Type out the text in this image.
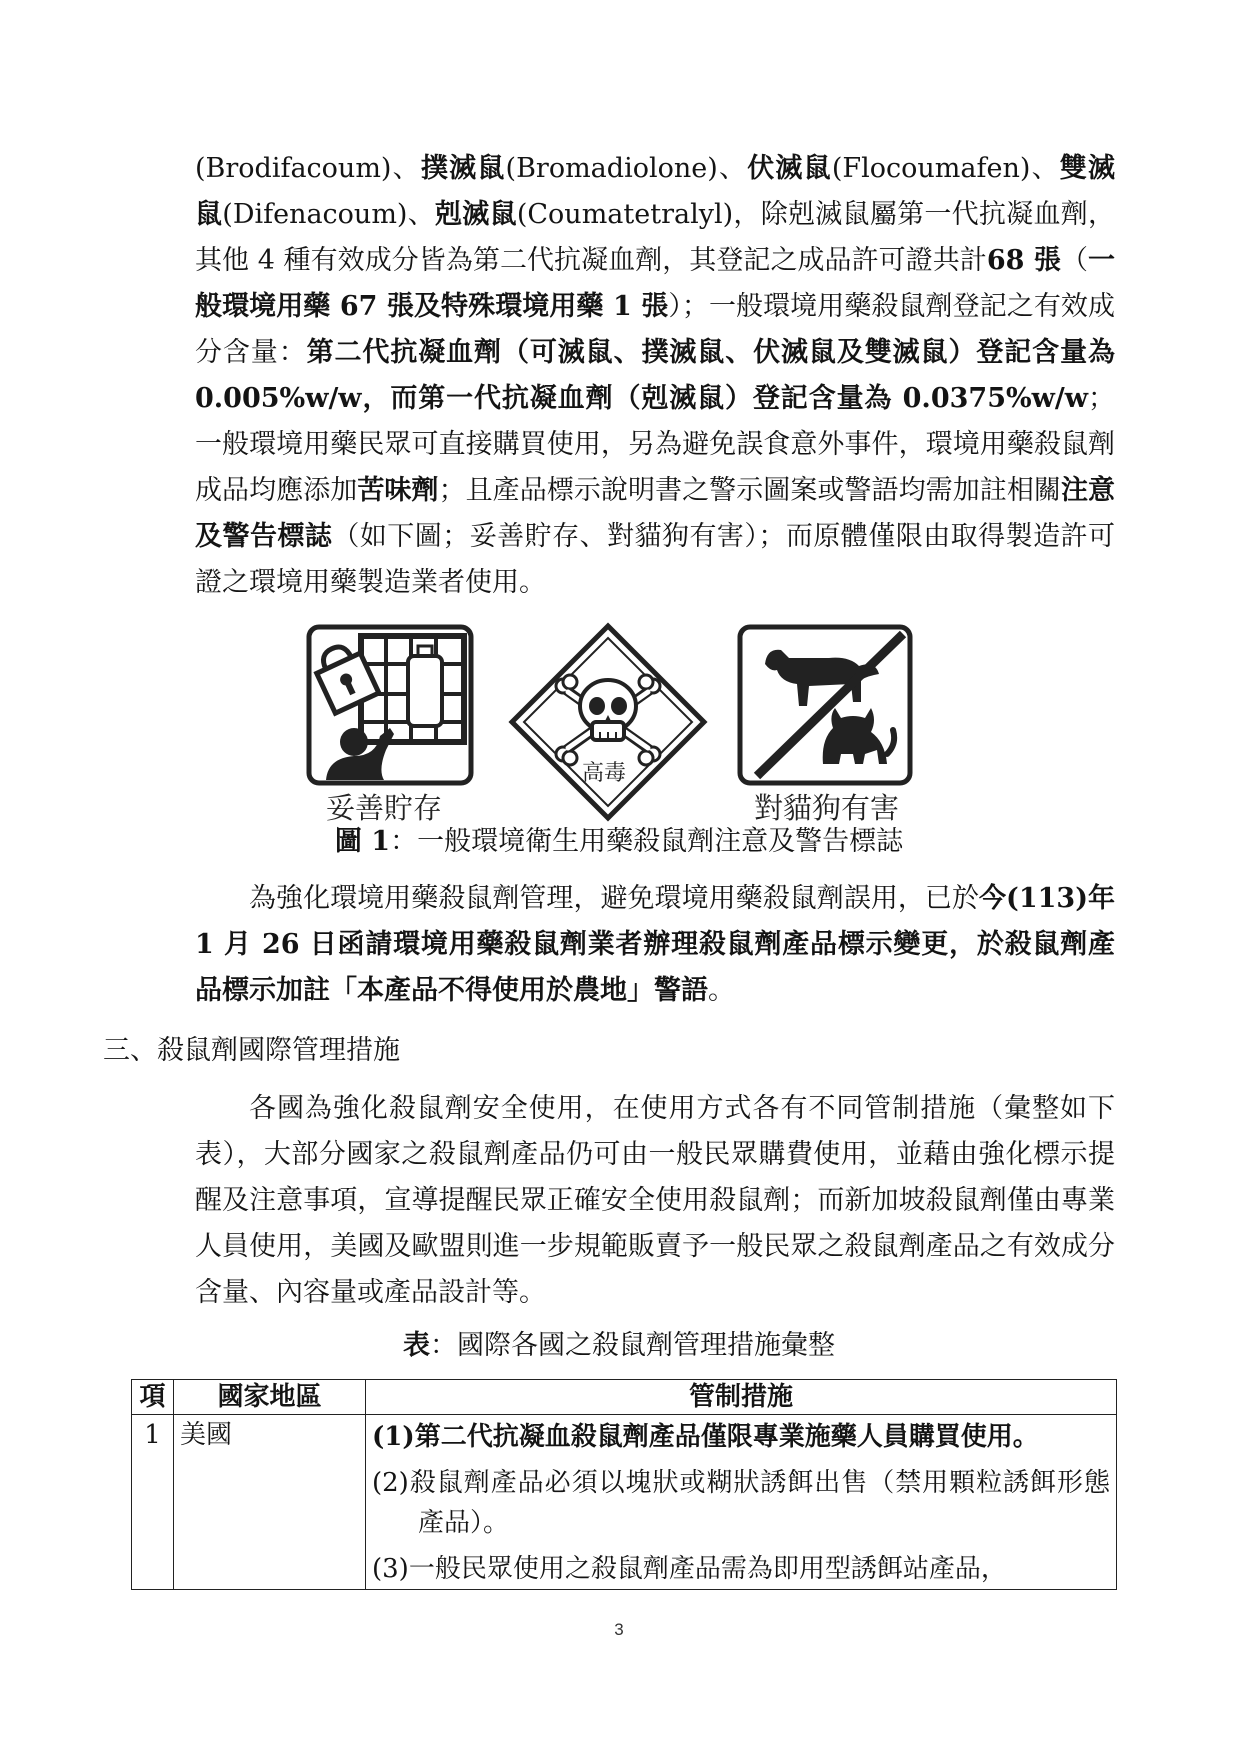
(Brodifacoum)、撲滅鼠(Bromadiolone)、伏滅鼠(Flocoumafen)、雙滅鼠(Difenacoum)、剋滅鼠(Coumatetralyl)，除剋滅鼠屬第一代抗凝血劑，其他 4 種有效成分皆為第二代抗凝血劑，其登記之成品許可證共計68 張（一般環境用藥 67 張及特殊環境用藥 1 張）；一般環境用藥殺鼠劑登記之有效成分含量：第二代抗凝血劑（可滅鼠、撲滅鼠、伏滅鼠及雙滅鼠）登記含量為 0.005%w/w，而第一代抗凝血劑（剋滅鼠）登記含量為 0.0375%w/w；一般環境用藥民眾可直接購買使用，另為避免誤食意外事件，環境用藥殺鼠劑成品均應添加苦味劑；且產品標示說明書之警示圖案或警語均需加註相關注意及警告標誌（如下圖；妥善貯存、對貓狗有害）；而原體僅限由取得製造許可證之環境用藥製造業者使用。
妥善貯存
高毒
對貓狗有害
圖 1：一般環境衛生用藥殺鼠劑注意及警告標誌
為強化環境用藥殺鼠劑管理，避免環境用藥殺鼠劑誤用，已於今(113)年 1 月 26 日函請環境用藥殺鼠劑業者辦理殺鼠劑產品標示變更，於殺鼠劑產品標示加註「本產品不得使用於農地」警語。
三、殺鼠劑國際管理措施
各國為強化殺鼠劑安全使用，在使用方式各有不同管制措施（彙整如下表），大部分國家之殺鼠劑產品仍可由一般民眾購費使用，並藉由強化標示提醒及注意事項，宣導提醒民眾正確安全使用殺鼠劑；而新加坡殺鼠劑僅由專業人員使用，美國及歐盟則進一步規範販賣予一般民眾之殺鼠劑產品之有效成分含量、內容量或產品設計等。
表：國際各國之殺鼠劑管理措施彙整
項	國家地區	管制措施
1	美國	(1)第二代抗凝血殺鼠劑產品僅限專業施藥人員購買使用。
(2)殺鼠劑產品必須以塊狀或糊狀誘餌出售（禁用顆粒誘餌形態產品）。
(3)一般民眾使用之殺鼠劑產品需為即用型誘餌站產品，
3
